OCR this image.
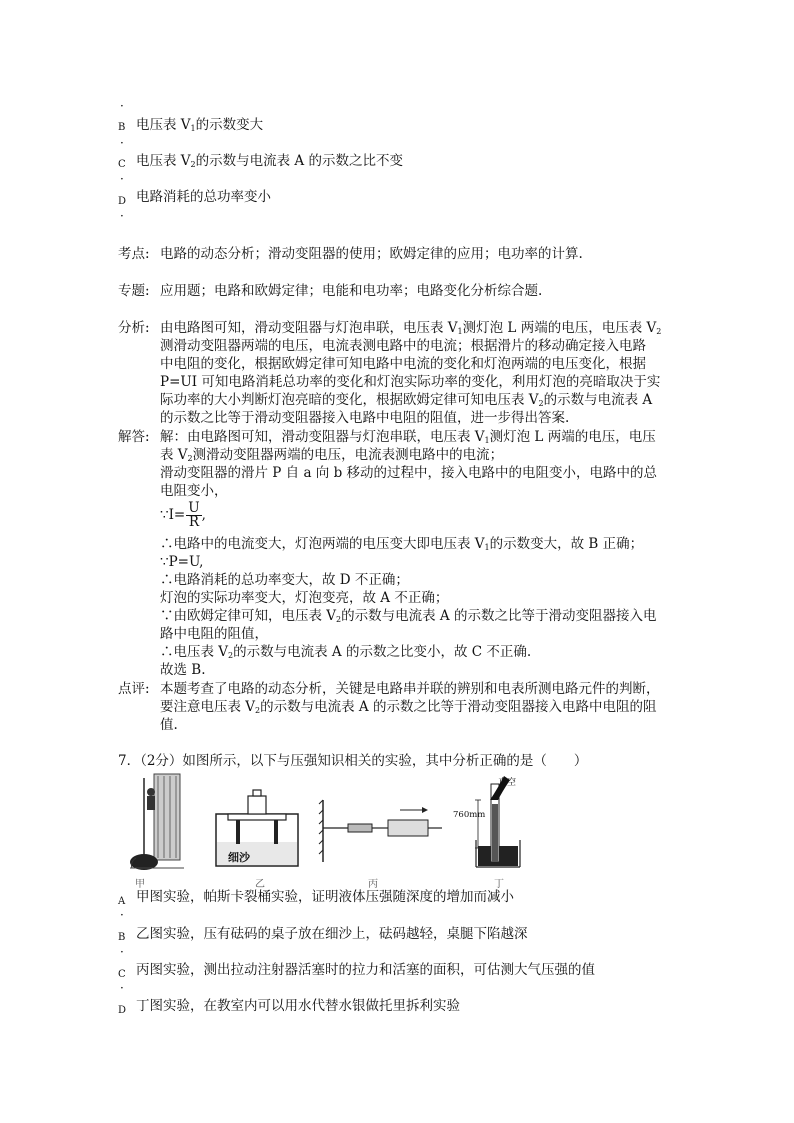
·
B 电压表 $V_1$的示数变大
·
C 电压表 $V_2$的示数与电流表 A 的示数之比不变
·
D 电路消耗的总功率变小
·
考点: 电路的动态分析；滑动变阻器的使用；欧姆定律的应用；电功率的计算.
专题: 应用题；电路和欧姆定律；电能和电功率；电路变化分析综合题.
分析: 由电路图可知，滑动变阻器与灯泡串联，电压表 $V_1$测灯泡 L 两端的电压，电压表 $V_2$
测滑动变阻器两端的电压，电流表测电路中的电流；根据滑片的移动确定接入电路
中电阻的变化，根据欧姆定律可知电路中电流的变化和灯泡两端的电压变化，根据
P=UI 可知电路消耗总功率的变化和灯泡实际功率的变化，利用灯泡的亮暗取决于实
际功率的大小判断灯泡亮暗的变化，根据欧姆定律可知电压表 $V_2$的示数与电流表 A
的示数之比等于滑动变阻器接入电路中电阻的阻值，进一步得出答案.
解答: 解：由电路图可知，滑动变阻器与灯泡串联，电压表 $V_1$测灯泡 L 两端的电压，电压
表 $V_2$测滑动变阻器两端的电压，电流表测电路中的电流；
滑动变阻器的滑片 P 自 a 向 b 移动的过程中，接入电路中的电阻变小，电路中的总
电阻变小，
∵I= $\frac{U}{R}$ ,
∴电路中的电流变大，灯泡两端的电压变大即电压表 $V_1$的示数变大，故 B 正确；
∵P=U,
∴电路消耗的总功率变大，故 D 不正确；
灯泡的实际功率变大，灯泡变亮，故 A 不正确；
∵由欧姆定律可知，电压表 $V_2$的示数与电流表 A 的示数之比等于滑动变阻器接入电
路中电阻的阻值，
∴电压表 $V_2$的示数与电流表 A 的示数之比变小，故 C 不正确.
故选 B.
点评: 本题考查了电路的动态分析，关键是电路串并联的辨别和电表所测电路元件的判断，
要注意电压表 $V_2$的示数与电流表 A 的示数之比等于滑动变阻器接入电路中电阻的阻
值.
7．（2分）如图所示，以下与压强知识相关的实验，其中分析正确的是（　　）
甲	乙
细沙
丙	丁
真空
760mm
A 甲图实验，帕斯卡裂桶实验，证明液体压强随深度的增加而减小
·
B 乙图实验，压有砝码的桌子放在细沙上，砝码越轻，桌腿下陷越深
·
C 丙图实验，测出拉动注射器活塞时的拉力和活塞的面积，可估测大气压强的值
·
D 丁图实验，在教室内可以用水代替水银做托里拆利实验
